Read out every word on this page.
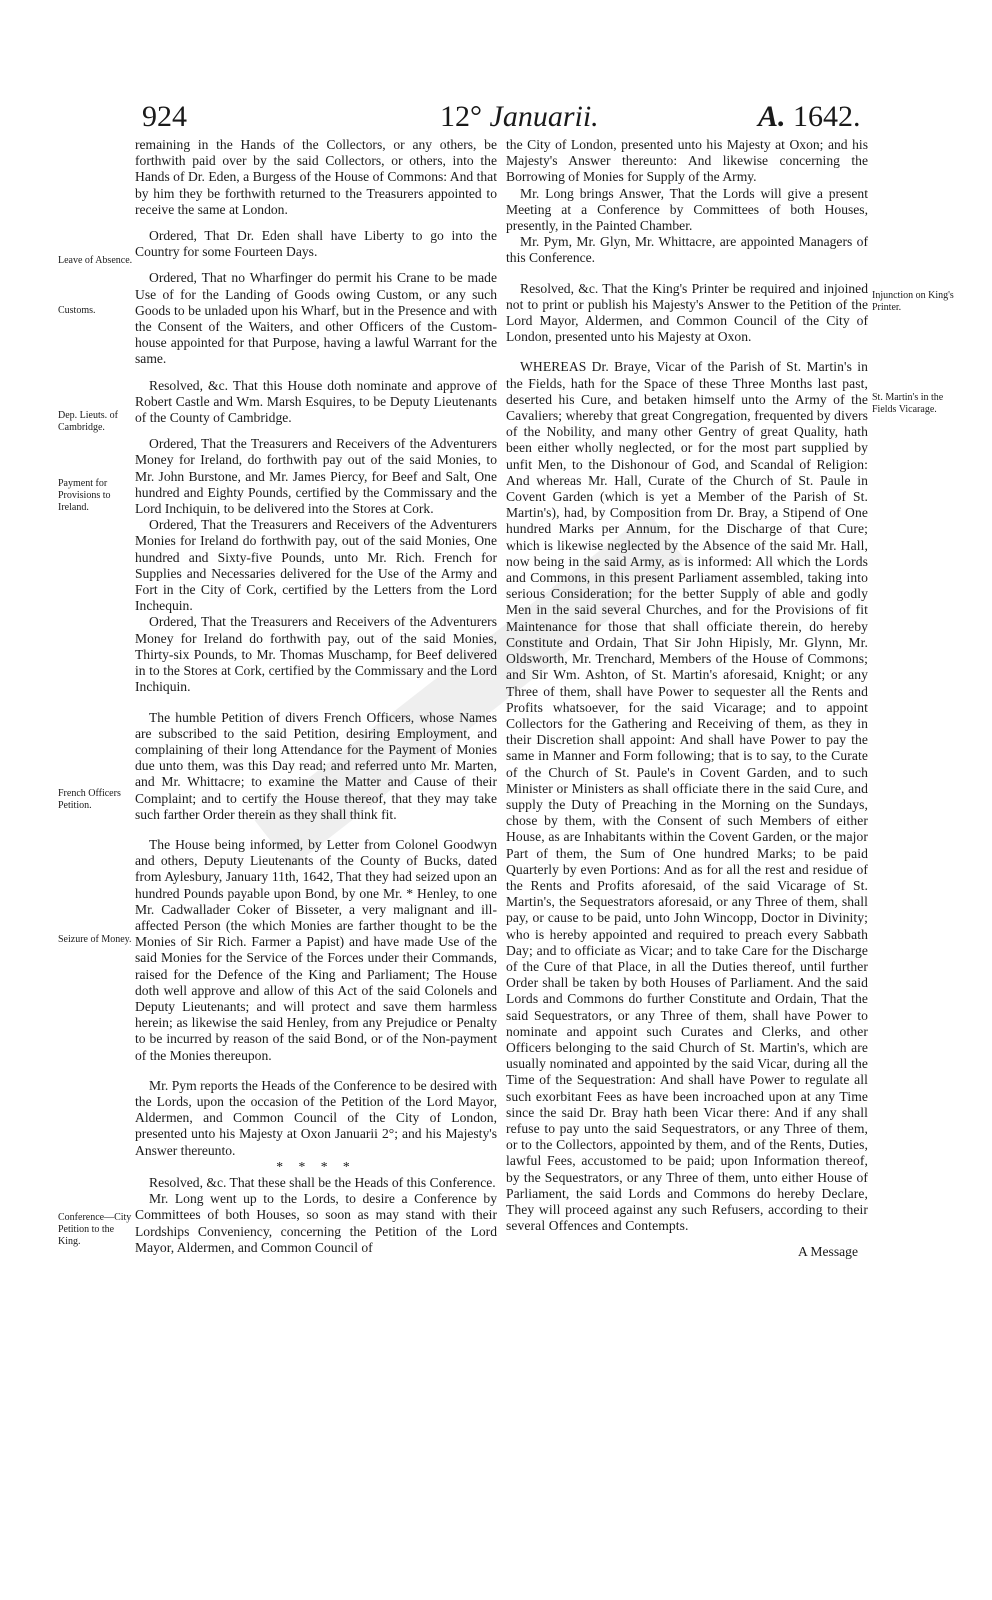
924	12° Januarii.	A. 1642.
Leave of Absence.
Customs.
Dep. Lieuts. of Cambridge.
Payment for Provisions to Ireland.
French Officers Petition.
Seizure of Money.
Conference—City Petition to the King.
Injunction on King's Printer.
St. Martin's in the Fields Vicarage.

remaining in the Hands of the Collectors, or any others, be forthwith paid over by the said Collectors, or others, into the Hands of Dr. Eden, a Burgess of the House of Commons: And that by him they be forthwith returned to the Treasurers appointed to receive the same at London.

Ordered, That Dr. Eden shall have Liberty to go into the Country for some Fourteen Days.

Ordered, That no Wharfinger do permit his Crane to be made Use of for the Landing of Goods owing Custom, or any such Goods to be unladed upon his Wharf, but in the Presence and with the Consent of the Waiters, and other Officers of the Custom-house appointed for that Purpose, having a lawful Warrant for the same.

Resolved, &c. That this House doth nominate and approve of Robert Castle and Wm. Marsh Esquires, to be Deputy Lieutenants of the County of Cambridge.

Ordered, That the Treasurers and Receivers of the Adventurers Money for Ireland, do forthwith pay out of the said Monies, to Mr. John Burstone, and Mr. James Piercy, for Beef and Salt, One hundred and Eighty Pounds, certified by the Commissary and the Lord Inchiquin, to be delivered into the Stores at Cork.

Ordered, That the Treasurers and Receivers of the Adventurers Monies for Ireland do forthwith pay, out of the said Monies, One hundred and Sixty-five Pounds, unto Mr. Rich. French for Supplies and Necessaries delivered for the Use of the Army and Fort in the City of Cork, certified by the Letters from the Lord Inchequin.

Ordered, That the Treasurers and Receivers of the Adventurers Money for Ireland do forthwith pay, out of the said Monies, Thirty-six Pounds, to Mr. Thomas Muschamp, for Beef delivered in to the Stores at Cork, certified by the Commissary and the Lord Inchiquin.

The humble Petition of divers French Officers, whose Names are subscribed to the said Petition, desiring Employment, and complaining of their long Attendance for the Payment of Monies due unto them, was this Day read; and referred unto Mr. Marten, and Mr. Whittacre; to examine the Matter and Cause of their Complaint; and to certify the House thereof, that they may take such farther Order therein as they shall think fit.

The House being informed, by Letter from Colonel Goodwyn and others, Deputy Lieutenants of the County of Bucks, dated from Aylesbury, January 11th, 1642, That they had seized upon an hundred Pounds payable upon Bond, by one Mr. * Henley, to one Mr. Cadwallader Coker of Bisseter, a very malignant and ill-affected Person (the which Monies are farther thought to be the Monies of Sir Rich. Farmer a Papist) and have made Use of the said Monies for the Service of the Forces under their Commands, raised for the Defence of the King and Parliament; The House doth well approve and allow of this Act of the said Colonels and Deputy Lieutenants; and will protect and save them harmless herein; as likewise the said Henley, from any Prejudice or Penalty to be incurred by reason of the said Bond, or of the Non-payment of the Monies thereupon.

Mr. Pym reports the Heads of the Conference to be desired with the Lords, upon the occasion of the Petition of the Lord Mayor, Aldermen, and Common Council of the City of London, presented unto his Majesty at Oxon Januarii 2°; and his Majesty's Answer thereunto.

* * * *

Resolved, &c. That these shall be the Heads of this Conference.

Mr. Long went up to the Lords, to desire a Conference by Committees of both Houses, so soon as may stand with their Lordships Conveniency, concerning the Petition of the Lord Mayor, Aldermen, and Common Council of

the City of London, presented unto his Majesty at Oxon; and his Majesty's Answer thereunto: And likewise concerning the Borrowing of Monies for Supply of the Army.

Mr. Long brings Answer, That the Lords will give a present Meeting at a Conference by Committees of both Houses, presently, in the Painted Chamber.

Mr. Pym, Mr. Glyn, Mr. Whittacre, are appointed Managers of this Conference.

Resolved, &c. That the King's Printer be required and injoined not to print or publish his Majesty's Answer to the Petition of the Lord Mayor, Aldermen, and Common Council of the City of London, presented unto his Majesty at Oxon.

WHEREAS Dr. Braye, Vicar of the Parish of St. Martin's in the Fields, hath for the Space of these Three Months last past, deserted his Cure, and betaken himself unto the Army of the Cavaliers; whereby that great Congregation, frequented by divers of the Nobility, and many other Gentry of great Quality, hath been either wholly neglected, or for the most part supplied by unfit Men, to the Dishonour of God, and Scandal of Religion: And whereas Mr. Hall, Curate of the Church of St. Paule in Covent Garden (which is yet a Member of the Parish of St. Martin's), had, by Composition from Dr. Bray, a Stipend of One hundred Marks per Annum, for the Discharge of that Cure; which is likewise neglected by the Absence of the said Mr. Hall, now being in the said Army, as is informed: All which the Lords and Commons, in this present Parliament assembled, taking into serious Consideration; for the better Supply of able and godly Men in the said several Churches, and for the Provisions of fit Maintenance for those that shall officiate therein, do hereby Constitute and Ordain, That Sir John Hipisly, Mr. Glynn, Mr. Oldsworth, Mr. Trenchard, Members of the House of Commons; and Sir Wm. Ashton, of St. Martin's aforesaid, Knight; or any Three of them, shall have Power to sequester all the Rents and Profits whatsoever, for the said Vicarage; and to appoint Collectors for the Gathering and Receiving of them, as they in their Discretion shall appoint: And shall have Power to pay the same in Manner and Form following; that is to say, to the Curate of the Church of St. Paule's in Covent Garden, and to such Minister or Ministers as shall officiate there in the said Cure, and supply the Duty of Preaching in the Morning on the Sundays, chose by them, with the Consent of such Members of either House, as are Inhabitants within the Covent Garden, or the major Part of them, the Sum of One hundred Marks; to be paid Quarterly by even Portions: And as for all the rest and residue of the Rents and Profits aforesaid, of the said Vicarage of St. Martin's, the Sequestrators aforesaid, or any Three of them, shall pay, or cause to be paid, unto John Wincopp, Doctor in Divinity; who is hereby appointed and required to preach every Sabbath Day; and to officiate as Vicar; and to take Care for the Discharge of the Cure of that Place, in all the Duties thereof, until further Order shall be taken by both Houses of Parliament. And the said Lords and Commons do further Constitute and Ordain, That the said Sequestrators, or any Three of them, shall have Power to nominate and appoint such Curates and Clerks, and other Officers belonging to the said Church of St. Martin's, which are usually nominated and appointed by the said Vicar, during all the Time of the Sequestration: And shall have Power to regulate all such exorbitant Fees as have been incroached upon at any Time since the said Dr. Bray hath been Vicar there: And if any shall refuse to pay unto the said Sequestrators, or any Three of them, or to the Collectors, appointed by them, and of the Rents, Duties, lawful Fees, accustomed to be paid; upon Information thereof, by the Sequestrators, or any Three of them, unto either House of Parliament, the said Lords and Commons do hereby Declare, They will proceed against any such Refusers, according to their several Offences and Contempts.

A Message
